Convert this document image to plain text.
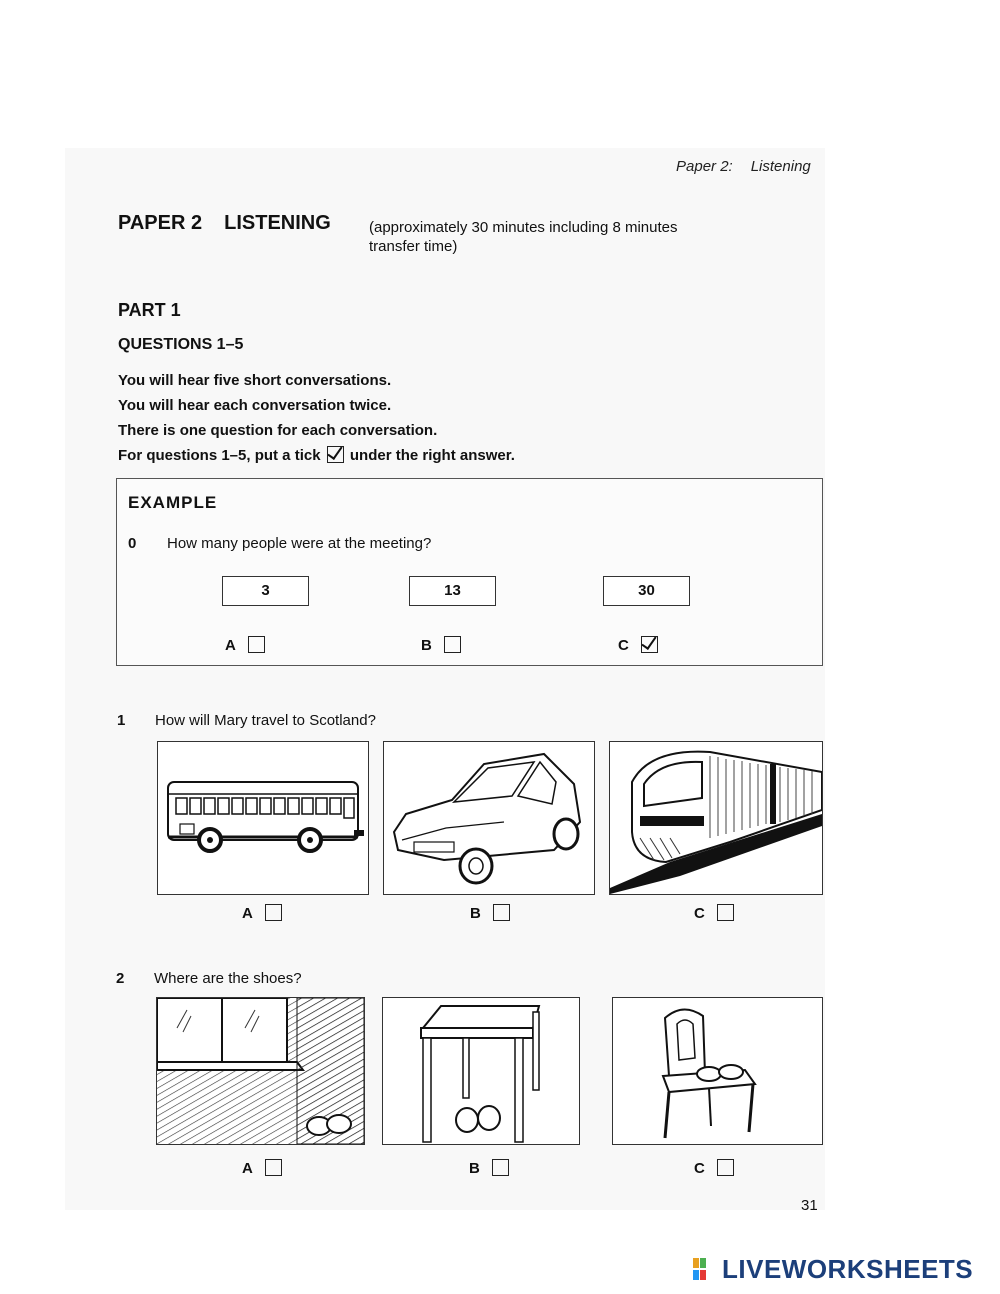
Paper 2: Listening
PAPER 2 LISTENING	(approximately 30 minutes including 8 minutes transfer time)
PART 1
QUESTIONS 1–5
You will hear five short conversations.
You will hear each conversation twice.
There is one question for each conversation.
For questions 1–5, put a tick under the right answer.
EXAMPLE
0 How many people were at the meeting?
3	13	30
A	B	C
1 How will Mary travel to Scotland?
A	B	C
2 Where are the shoes?
A	B	C
31
LIVEWORKSHEETS
